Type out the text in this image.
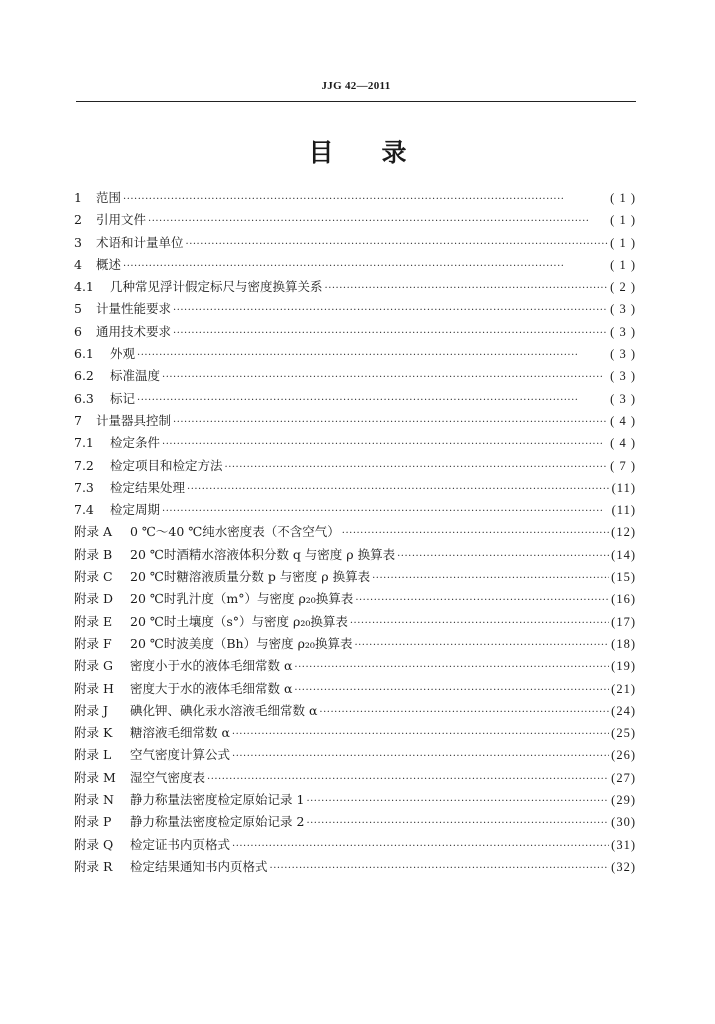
JJG 42—2011
目录
1	范围 ·····	( 1 )
2	引用文件 ·····	( 1 )
3	术语和计量单位 ·····	( 1 )
4	概述 ·····	( 1 )
4.1	几种常见浮计假定标尺与密度换算关系 ·····	( 2 )
5	计量性能要求 ·····	( 3 )
6	通用技术要求 ·····	( 3 )
6.1	外观 ·····	( 3 )
6.2	标准温度 ·····	( 3 )
6.3	标记 ·····	( 3 )
7	计量器具控制 ·····	( 4 )
7.1	检定条件 ·····	( 4 )
7.2	检定项目和检定方法 ·····	( 7 )
7.3	检定结果处理 ·····	(11)
7.4	检定周期 ·····	(11)
附录 A	0 ℃～40 ℃纯水密度表（不含空气） ·····	(12)
附录 B	20 ℃时酒精水溶液体积分数 q 与密度 ρ 换算表 ·····	(14)
附录 C	20 ℃时糖溶液质量分数 p 与密度 ρ 换算表 ·····	(15)
附录 D	20 ℃时乳汁度（m°）与密度 ρ₂₀换算表 ·····	(16)
附录 E	20 ℃时土壤度（s°）与密度 ρ₂₀换算表 ·····	(17)
附录 F	20 ℃时波美度（Bh）与密度 ρ₂₀换算表 ·····	(18)
附录 G	密度小于水的液体毛细常数 α ·····	(19)
附录 H	密度大于水的液体毛细常数 α ·····	(21)
附录 J	碘化钾、碘化汞水溶液毛细常数 α ·····	(24)
附录 K	糖溶液毛细常数 α ·····	(25)
附录 L	空气密度计算公式 ·····	(26)
附录 M	湿空气密度表 ·····	(27)
附录 N	静力称量法密度检定原始记录 1 ·····	(29)
附录 P	静力称量法密度检定原始记录 2 ·····	(30)
附录 Q	检定证书内页格式 ·····	(31)
附录 R	检定结果通知书内页格式 ·····	(32)
